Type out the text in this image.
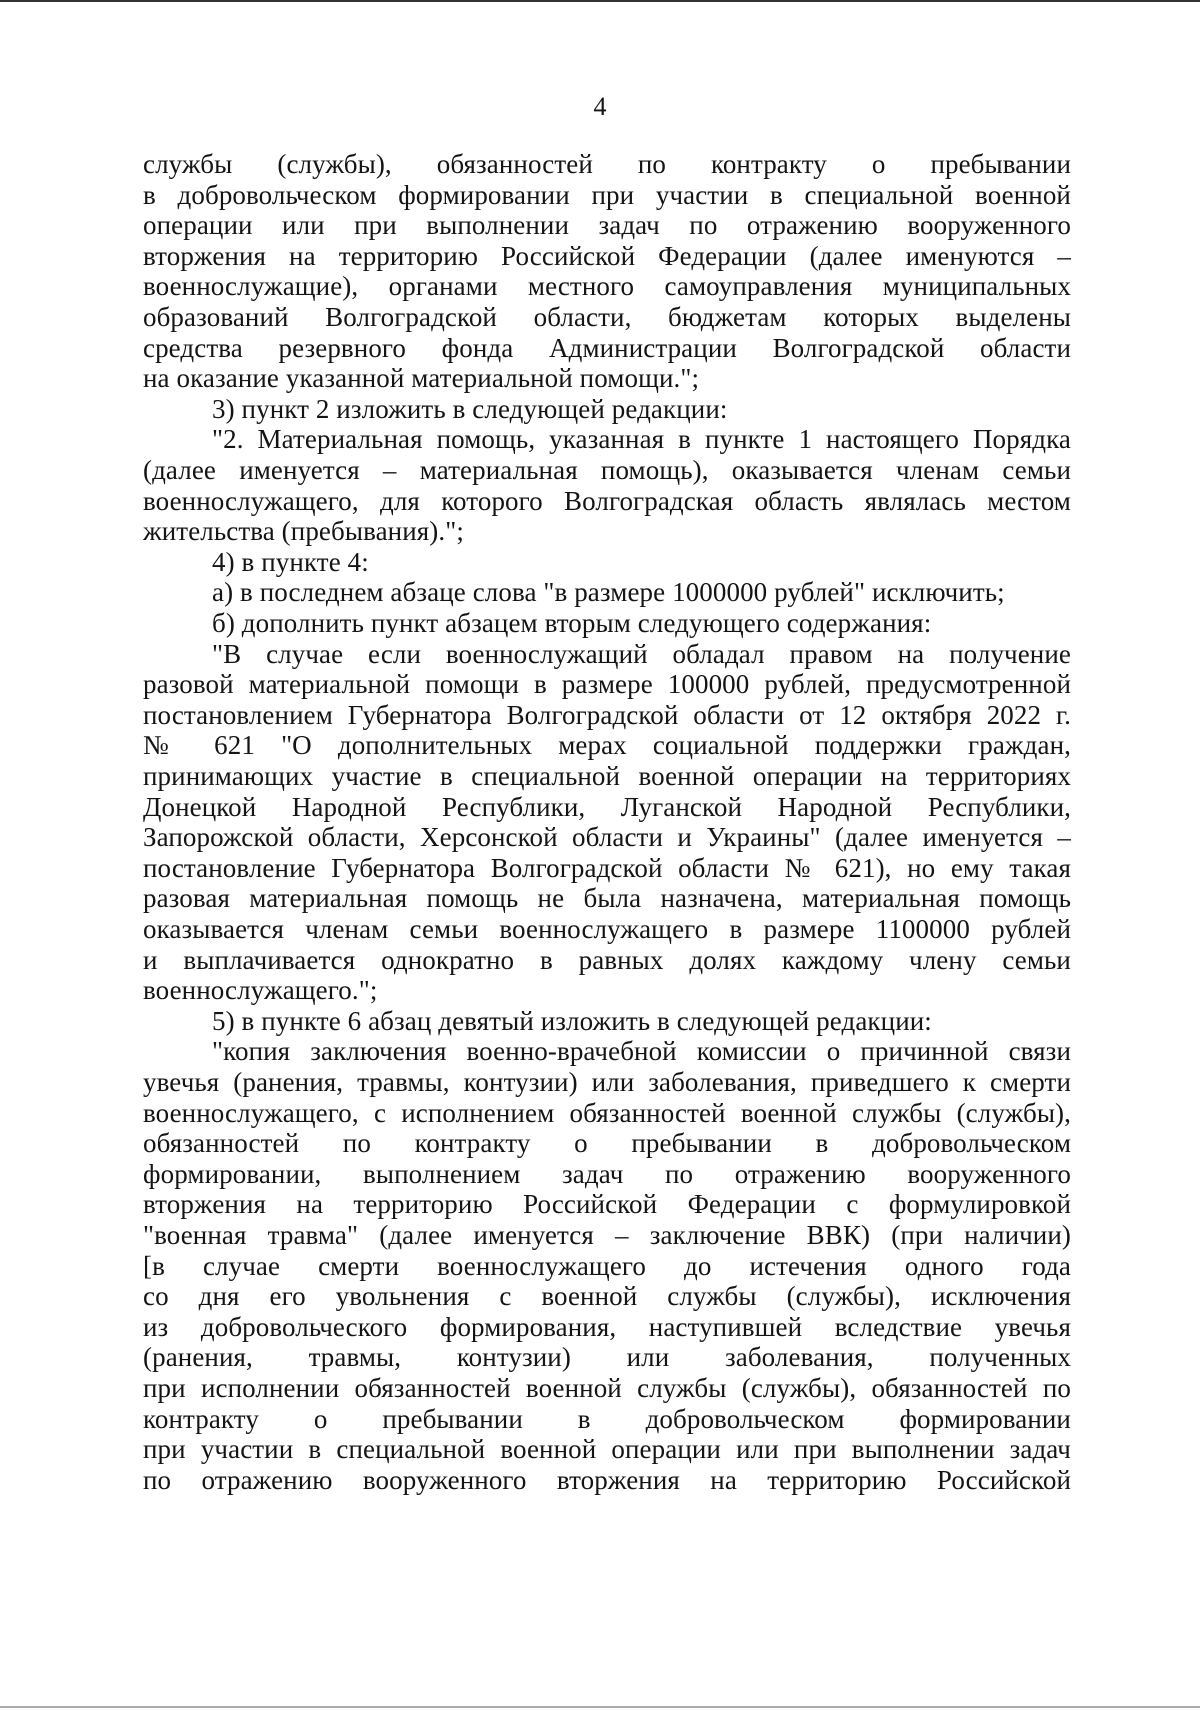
4
службы (службы), обязанностей по контракту о пребывании
в добровольческом формировании при участии в специальной военной
операции или при выполнении задач по отражению вооруженного
вторжения на территорию Российской Федерации (далее именуются –
военнослужащие), органами местного самоуправления муниципальных
образований Волгоградской области, бюджетам которых выделены
средства резервного фонда Администрации Волгоградской области
на оказание указанной материальной помощи.";
3) пункт 2 изложить в следующей редакции:
"2. Материальная помощь, указанная в пункте 1 настоящего Порядка
(далее именуется – материальная помощь), оказывается членам семьи
военнослужащего, для которого Волгоградская область являлась местом
жительства (пребывания).";
4) в пункте 4:
а) в последнем абзаце слова "в размере 1000000 рублей" исключить;
б) дополнить пункт абзацем вторым следующего содержания:
"В случае если военнослужащий обладал правом на получение
разовой материальной помощи в размере 100000 рублей, предусмотренной
постановлением Губернатора Волгоградской области от 12 октября 2022 г.
№ 621 "О дополнительных мерах социальной поддержки граждан,
принимающих участие в специальной военной операции на территориях
Донецкой Народной Республики, Луганской Народной Республики,
Запорожской области, Херсонской области и Украины" (далее именуется –
постановление Губернатора Волгоградской области № 621), но ему такая
разовая материальная помощь не была назначена, материальная помощь
оказывается членам семьи военнослужащего в размере 1100000 рублей
и выплачивается однократно в равных долях каждому члену семьи
военнослужащего.";
5) в пункте 6 абзац девятый изложить в следующей редакции:
"копия заключения военно-врачебной комиссии о причинной связи
увечья (ранения, травмы, контузии) или заболевания, приведшего к смерти
военнослужащего, с исполнением обязанностей военной службы (службы),
обязанностей по контракту о пребывании в добровольческом
формировании, выполнением задач по отражению вооруженного
вторжения на территорию Российской Федерации с формулировкой
"военная травма" (далее именуется – заключение ВВК) (при наличии)
[в случае смерти военнослужащего до истечения одного года
со дня его увольнения с военной службы (службы), исключения
из добровольческого формирования, наступившей вследствие увечья
(ранения, травмы, контузии) или заболевания, полученных
при исполнении обязанностей военной службы (службы), обязанностей по
контракту о пребывании в добровольческом формировании
при участии в специальной военной операции или при выполнении задач
по отражению вооруженного вторжения на территорию Российской
